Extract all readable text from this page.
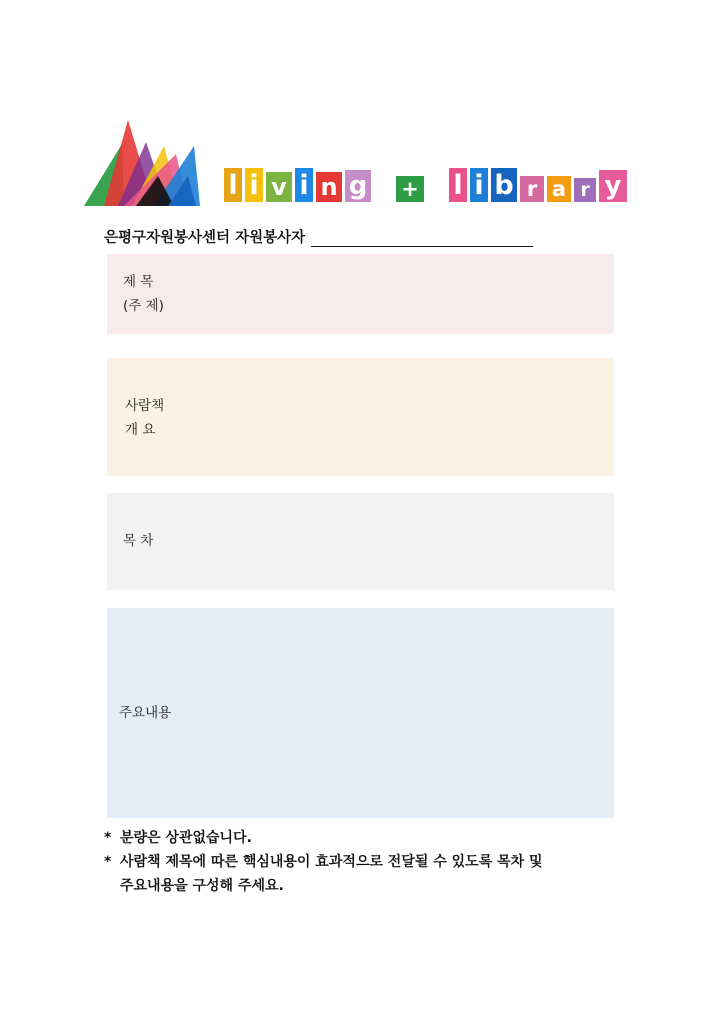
l i v i n g + l i b r a r y
은평구자원봉사센터 자원봉사자
제 목
(주 제)
사람책
개 요
목 차
주요내용
* 분량은 상관없습니다.
* 사람책 제목에 따른 핵심내용이 효과적으로 전달될 수 있도록 목차 및
주요내용을 구성해 주세요.
